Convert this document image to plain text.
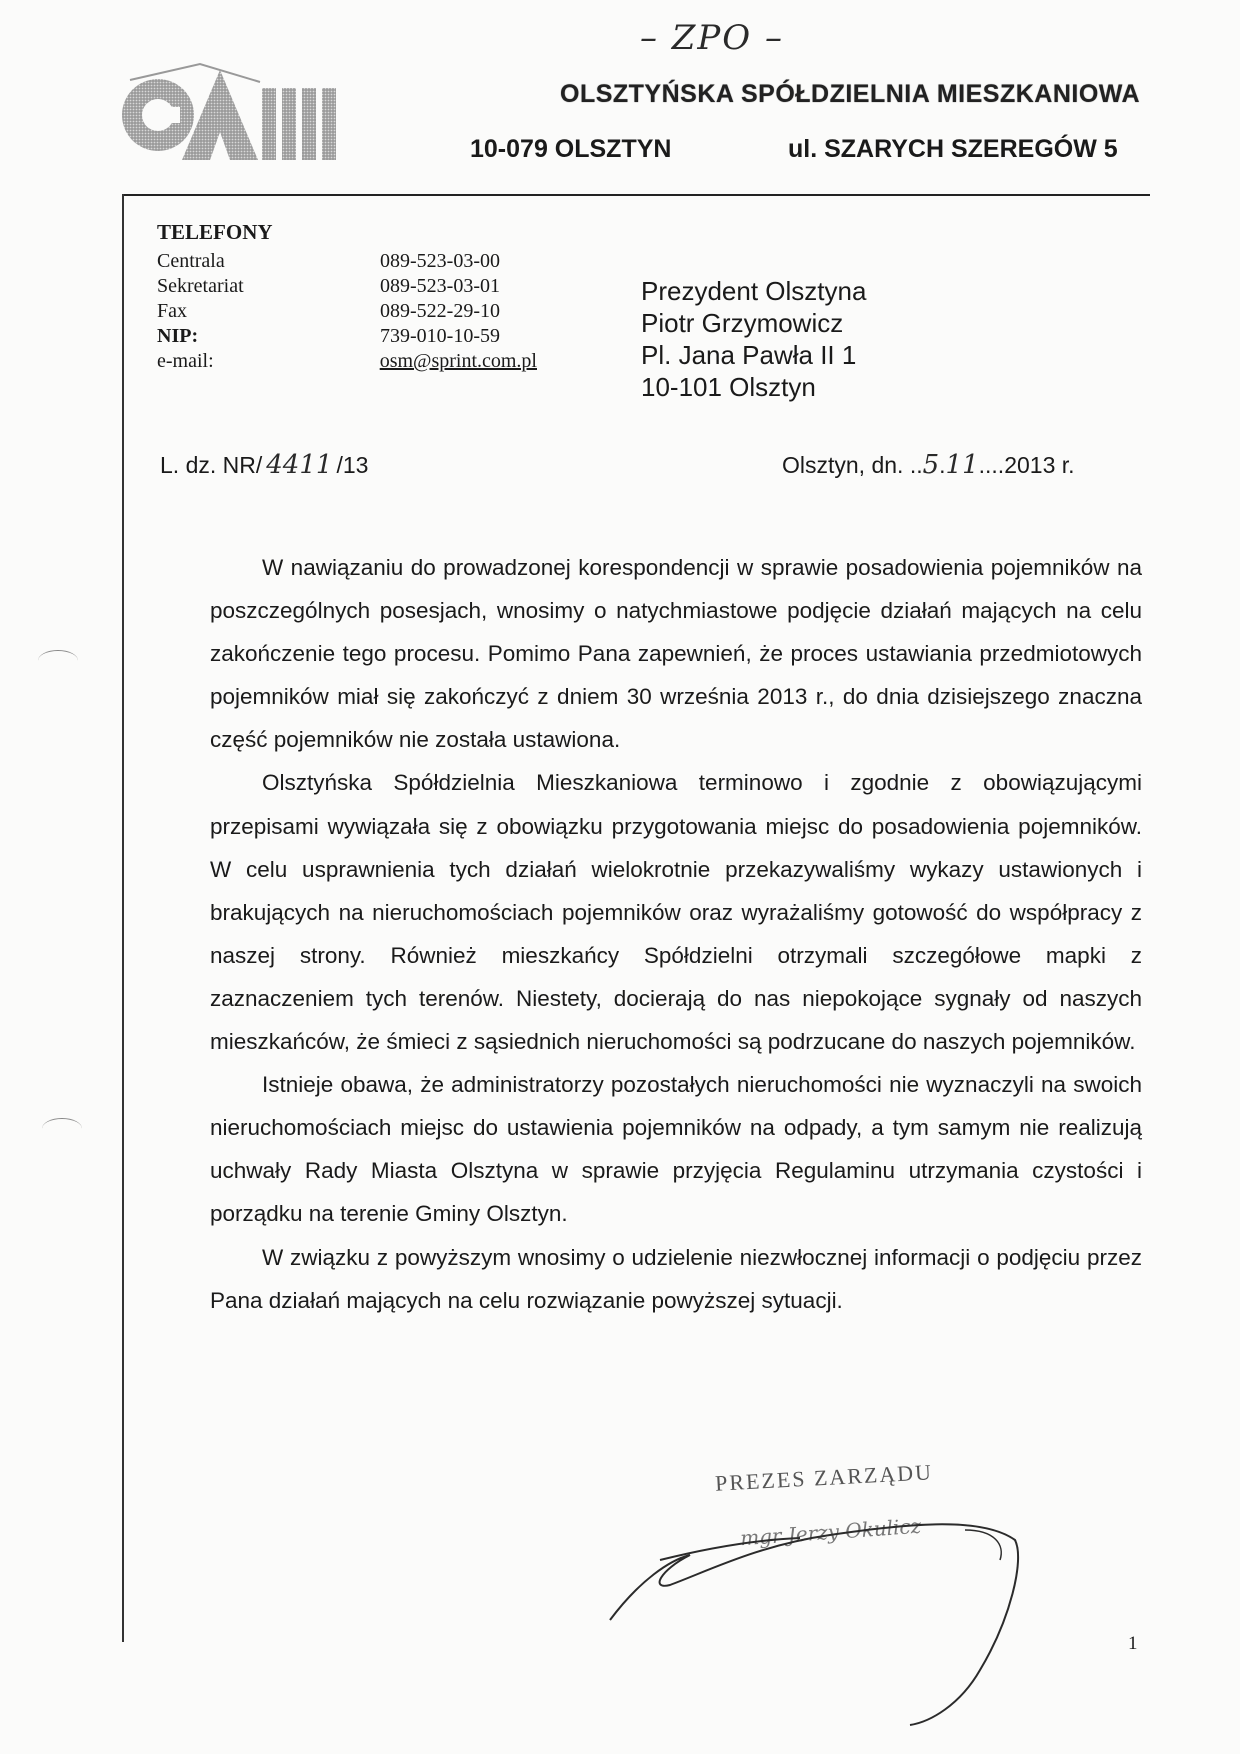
– ZPO –
OLSZTYŃSKA SPÓŁDZIELNIA MIESZKANIOWA
10-079 OLSZTYN	ul. SZARYCH SZEREGÓW 5
TELEFONY
Centrala	089-523-03-00
Sekretariat	089-523-03-01
Fax	089-522-29-10
NIP:	739-010-10-59
e-mail:	osm@sprint.com.pl
Prezydent Olsztyna
Piotr Grzymowicz
Pl. Jana Pawła II 1
10-101 Olsztyn
L. dz. NR/ 4411 /13	Olsztyn, dn. ..5.11....2013 r.

W nawiązaniu do prowadzonej korespondencji w sprawie posadowienia pojemników na poszczególnych posesjach, wnosimy o natychmiastowe podjęcie działań mających na celu zakończenie tego procesu. Pomimo Pana zapewnień, że proces ustawiania przedmiotowych pojemników miał się zakończyć z dniem 30 września 2013 r., do dnia dzisiejszego znaczna część pojemników nie została ustawiona.

Olsztyńska Spółdzielnia Mieszkaniowa terminowo i zgodnie z obowiązującymi przepisami wywiązała się z obowiązku przygotowania miejsc do posadowienia pojemników. W celu usprawnienia tych działań wielokrotnie przekazywaliśmy wykazy ustawionych i brakujących na nieruchomościach pojemników oraz wyrażaliśmy gotowość do współpracy z naszej strony. Również mieszkańcy Spółdzielni otrzymali szczegółowe mapki z zaznaczeniem tych terenów. Niestety, docierają do nas niepokojące sygnały od naszych mieszkańców, że śmieci z sąsiednich nieruchomości są podrzucane do naszych pojemników.

Istnieje obawa, że administratorzy pozostałych nieruchomości nie wyznaczyli na swoich nieruchomościach miejsc do ustawienia pojemników na odpady, a tym samym nie realizują uchwały Rady Miasta Olsztyna w sprawie przyjęcia Regulaminu utrzymania czystości i porządku na terenie Gminy Olsztyn.

W związku z powyższym wnosimy o udzielenie niezwłocznej informacji o podjęciu przez Pana działań mających na celu rozwiązanie powyższej sytuacji.

PREZES ZARZĄDU
mgr Jerzy Okulicz
1
